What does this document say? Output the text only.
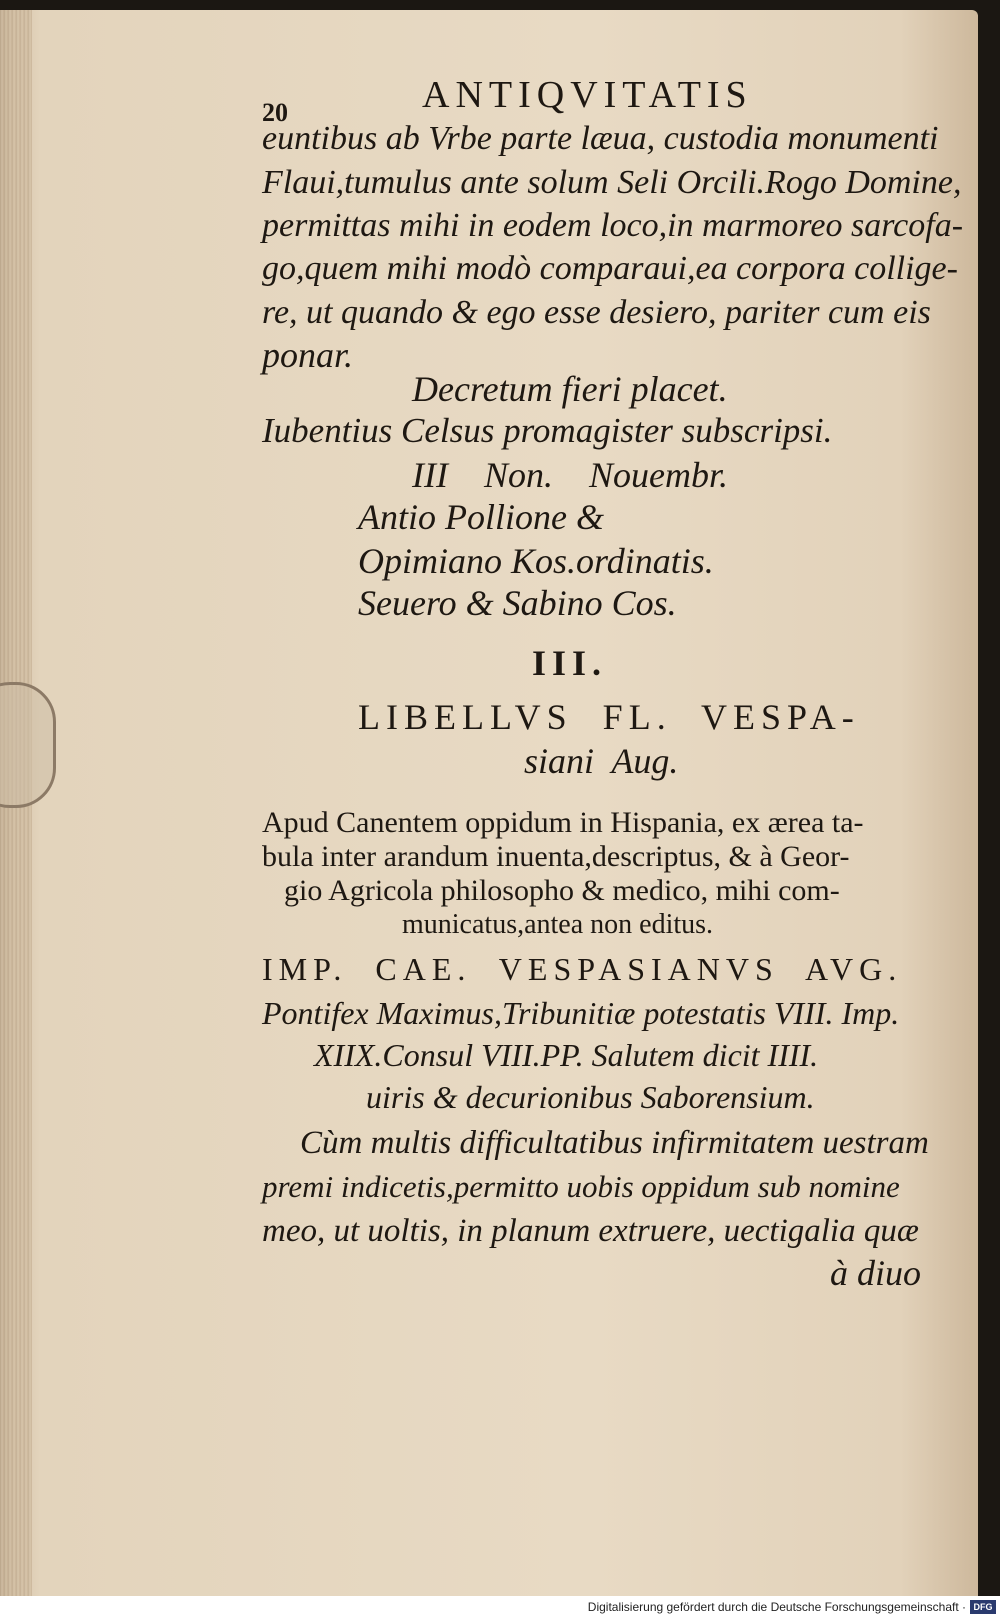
20	ANTIQVITATIS
euntibus ab Vrbe parte læua, custodia monumenti
Flaui,tumulus ante solum Seli Orcili.Rogo Domine,
permittas mihi in eodem loco,in marmoreo sarcofa-
go,quem mihi modò comparaui,ea corpora collige-
re, ut quando & ego esse desiero, pariter cum eis
ponar.
Decretum fieri placet.
Iubentius Celsus promagister subscripsi.
III    Non.    Nouembr.
Antio Pollione &
Opimiano Kos.ordinatis.
Seuero & Sabino Cos.
III.
LIBELLVS  FL.  VESPA-
siani  Aug.
Apud Canentem oppidum in Hispania, ex ærea ta-
bula inter arandum inuenta,descriptus, & à Geor-
gio Agricola philosopho & medico, mihi com-
municatus,antea non editus.
IMP.  CAE.  VESPASIANVS  AVG.
Pontifex Maximus,Tribunitiæ potestatis VIII. Imp.
XIIX.Consul VIII.PP. Salutem dicit IIII.
uiris & decurionibus Saborensium.
Cùm multis difficultatibus infirmitatem uestram
premi indicetis,permitto uobis oppidum sub nomine
meo, ut uoltis, in planum extruere, uectigalia quæ
à diuo
Digitalisierung gefördert durch die Deutsche Forschungsgemeinschaft · DFG
